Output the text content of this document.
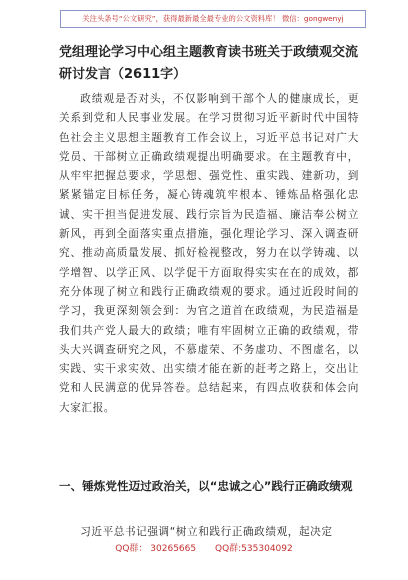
关注头条号“公文研究”，获得最新最全最专业的公文资料库！ 微信：gongwenyj
党组理论学习中心组主题教育读书班关于政绩观交流研讨发言（2611字）

政绩观是否对头，不仅影响到干部个人的健康成长，更关系到党和人民事业发展。在学习贯彻习近平新时代中国特色社会主义思想主题教育工作会议上，习近平总书记对广大党员、干部树立正确政绩观提出明确要求。在主题教育中，从牢牢把握总要求，学思想、强党性、重实践、建新功，到紧紧锚定目标任务，凝心铸魂筑牢根本、锤炼品格强化忠诚、实干担当促进发展、践行宗旨为民造福、廉洁奉公树立新风，再到全面落实重点措施，强化理论学习、深入调查研究、推动高质量发展、抓好检视整改，努力在以学铸魂、以学增智、以学正风、以学促干方面取得实实在在的成效，都充分体现了树立和践行正确政绩观的要求。通过近段时间的学习，我更深刻领会到：为官之道首在政绩观，为民造福是我们共产党人最大的政绩；唯有牢固树立正确的政绩观，带头大兴调查研究之风，不慕虚荣、不务虚功、不图虚名，以实践、实干求实效、出实绩才能在新的赶考之路上，交出让党和人民满意的优异答卷。总结起来，有四点收获和体会向大家汇报。

一、锤炼党性迈过政治关，以“忠诚之心”践行正确政绩观

习近平总书记强调“树立和践行正确政绩观，起决定

QQ群： 30265665 QQ群:535304092
